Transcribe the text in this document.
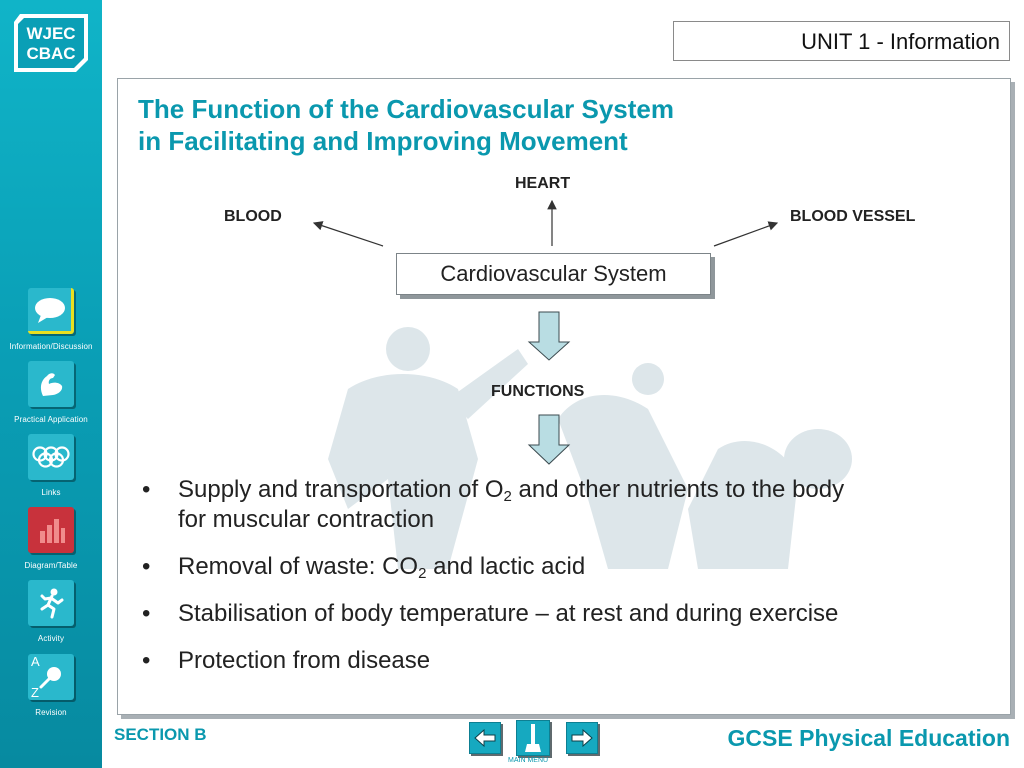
WJEC
CBAC
Information/Discussion
Practical Application
Links
Diagram/Table
Activity
A
Z
Revision
UNIT 1 - Information
The Function of the Cardiovascular System
in Facilitating and Improving Movement
HEART
BLOOD	BLOOD VESSEL
Cardiovascular System
FUNCTIONS
• Supply and transportation of $O_2$ and other nutrients to the body
for muscular contraction
• Removal of waste: $CO_2$ and lactic acid
• Stabilisation of body temperature – at rest and during exercise
• Protection from disease
SECTION B
MAIN MENU
GCSE Physical Education
